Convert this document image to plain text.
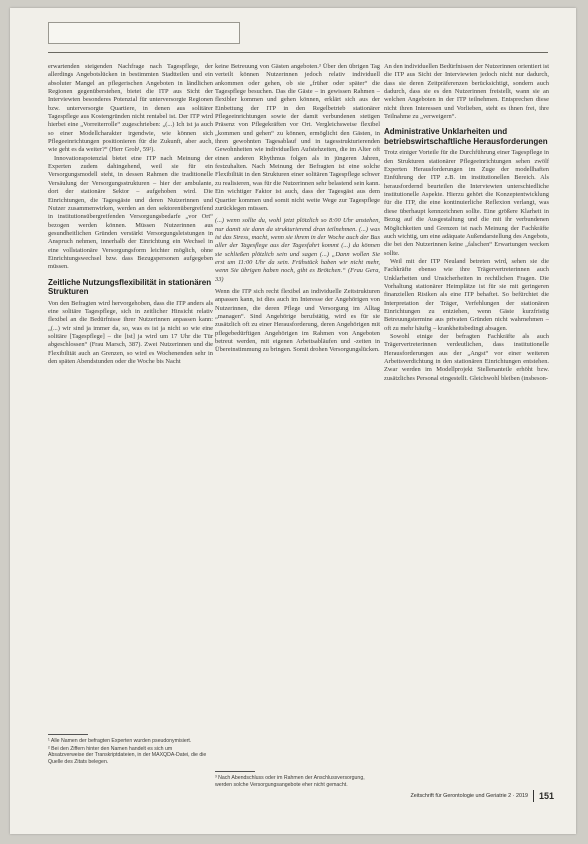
erwartenden steigenden Nachfrage nach Tagespflege, der allerdings Angebotslücken in bestimmten Stadtteilen und ein absoluter Mangel an pflegerischen Angeboten in ländlichen Regionen gegenüberstehen, bietet die ITP aus Sicht der Interviewten besonderes Potenzial für unterversorgte Regionen bzw. unterversorgte Quartiere, in denen aus solitärer Tagespflege aus Kostengründen nicht rentabel ist. Der ITP wird hierbei eine „Vorreiterrolle“ zugeschrieben: „(...) Ich ist ja auch so einer Modellcharakter irgendwie, wie können sich Pflegeeinrichtungen positionieren für die Zukunft, aber auch, wie geht es da weiter?“ (Herr Groh¹, 59²).

Innovationspotenzial bietet eine ITP nach Meinung der Experten zudem dahingehend, weil sie für ein Versorgungsmodell steht, in dessen Rahmen die traditionelle Versäulung der Versorgungsstrukturen – hier der ambulante, dort der stationäre Sektor – aufgehoben wird. Die Einrichtungen, die Tagesgäste und deren Nutzerinnen und Nutzer zusammenwirken, werden an den sektorenübergreifend in institutionsübergreifenden Versorgungsbedarfe „vor Ort“ bezogen werden können. Müssen Nutzerinnen aus gesundheitlichen Gründen verstärkt Versorgungsleistungen in Anspruch nehmen, innerhalb der Einrichtung ein Wechsel in eine vollstationäre Versorgungsform leichter möglich, ohne Einrichtungswechsel bzw. dass Bezugspersonen aufgegeben müssen.

Zeitliche Nutzungsflexibilität in stationären Strukturen

Von den Befragten wird hervorgehoben, dass die ITP anders als eine solitäre Tagespflege, sich in zeitlicher Hinsicht relativ flexibel an die Bedürfnisse ihrer Nutzerinnen anpassen kann: „(...) wir sind ja immer da, so, was es ist ja nicht so wie eine solitäre [Tagespflege] – die [ist] ja wird um 17 Uhr die Tür abgeschlossen“ (Frau Marsch, 387). Zwei Nutzerinnen und die Flexibilität auch an Grenzen, so wird es Wochenenden sehr in den späten Abendstunden oder die Woche bis Nacht

keine Betreuung von Gästen angeboten.³ Über den übrigen Tag verteilt können Nutzerinnen jedoch relativ individuell ankommen oder gehen, ob sie „früher oder später“ die Tagespflege besuchen. Das die Gäste – in gewissen Rahmen – flexibler kommen und gehen können, erklärt sich aus der Einbettung der ITP in den Regelbetrieb stationärer Pflegeeinrichtungen sowie der damit verbundenen stetigen Präsenz von Pflegekräften vor Ort. Vergleichsweise flexibel „kommen und gehen“ zu können, ermöglicht den Gästen, in ihren gewohnten Tagesablauf und in tagesstrukturierenden Gewohnheiten wie individuellen Aufstehzeiten, die im Alter oft einen anderen Rhythmus folgen als in jüngeren Jahren, festzuhalten. Nach Meinung der Befragten ist eine solche Flexibilität in den Strukturen einer solitären Tagespflege schwer zu realisieren, was für die Nutzerinnen sehr belastend sein kann. Ein wichtiger Faktor ist auch, dass der Tagesgäst aus dem Quartier kommen und somit nicht weite Wege zur Tagespflege zurücklegen müssen.

(...) wenn sollte du, wohl jetzt plötzlich so 8:00 Uhr anstehen, nur damit sie dann da strukturierend dran teilnehmen. (...) was ist das Stress, macht, wenn sie ihrem in der Woche auch der Bus aller der Tagesflege aus der Tagesfahrt kommt (...) da können sie schließen plötzlich sein und sagen (...) „Dann wollen Sie erst um 11:00 Uhr da sein. Frühstück haben wir nicht mehr, wenn Sie übrigen haben noch, gibt es Brötchen.“ (Frau Gera, 33)

Wenn die ITP sich recht flexibel an individuelle Zeitstrukturen anpassen kann, ist dies auch im Interesse der Angehörigen von Nutzerinnen, die deren Pflege und Versorgung im Alltag „managen“. Sind Angehörige berufstätig, wird es für sie zusätzlich oft zu einer Herausforderung, deren Angehörigen mit pflegebedürftigen Angehörigen im Rahmen von Angeboten betreut werden, mit eigenen Arbeitsabläufen und -zeiten in Übereinstimmung zu bringen. Somit drohen Versorgungslücken.

An den individuellen Bedürfnissen der Nutzerinnen orientiert ist die ITP aus Sicht der Interviewten jedoch nicht nur dadurch, dass sie deren Zeitpräferenzen berücksichtigt, sondern auch dadurch, dass sie es den Nutzerinnen freistellt, wann sie an welchen Angeboten in der ITP teilnehmen. Entsprechen diese nicht ihren Interessen und Vorlieben, steht es ihnen frei, ihre Teilnahme zu „verweigern“.

Administrative Unklarheiten und betriebswirtschaftliche Herausforderungen

Trotz einiger Vorteile für die Durchführung einer Tagespflege in den Strukturen stationärer Pflegeeinrichtungen sehen zwölf Experten Herausforderungen im Zuge der modellhaften Einführung der ITP z.B. im institutionellen Bereich. Als herausfordernd beurteilen die Interviewten unterschiedliche institutionelle Aspekte. Hierzu gehört die Konzeptentwicklung für die ITP, die eine kontinuierliche Reflexion verlangt, was diese überhaupt kennzeichnen sollte. Eine größere Klarheit in Bezug auf die Ausgestaltung und die mit ihr verbundenen Möglichkeiten und Grenzen ist nach Meinung der Fachkräfte auch wichtig, um eine adäquate Außendarstellung des Angebots, die bei den Nutzerinnen keine „falschen“ Erwartungen wecken sollte.

Weil mit der ITP Neuland betreten wird, sehen sie die Fachkräfte ebenso wie ihre Trägervertreterinnen auch Unklarheiten und Unsicherheiten in rechtlichen Fragen. Die Vorhaltung stationärer Heimplätze ist für sie mit geringeren finanziellen Risiken als eine ITP behaftet. So befürchtet die Interpretation der Träger, Verfehlungen der stationären Einrichtungen zu entziehen, wenn Gäste kurzfristig Betreuungstermine aus privaten Gründen nicht wahrnehmen – oft zu mehr häufig – krankheitsbedingt absagen.

Sowohl einige der befragten Fachkräfte als auch Trägervertreterinnen verdeutlichen, dass institutionelle Herausforderungen aus der „Angst“ vor einer weiteren Arbeitsverdichtung in den stationären Einrichtungen entstehen. Zwar werden im Modellprojekt Stellenanteile erhöht bzw. zusätzliches Personal eingestellt. Gleichwohl bleiben (insbeson-

¹ Alle Namen der befragten Experten wurden pseudonymisiert.

² Bei den Ziffern hinter den Namen handelt es sich um Absatzverweise der Transkriptdateien, in der MAXQDA-Datei, die die Quelle des Zitats belegen.

³ Nach Abendschluss oder im Rahmen der Anschlussversorgung, werden solche Versorgungsangebote eher nicht gemacht.

Zeitschrift für Gerontologie und Geriatrie 2 · 2019 151
